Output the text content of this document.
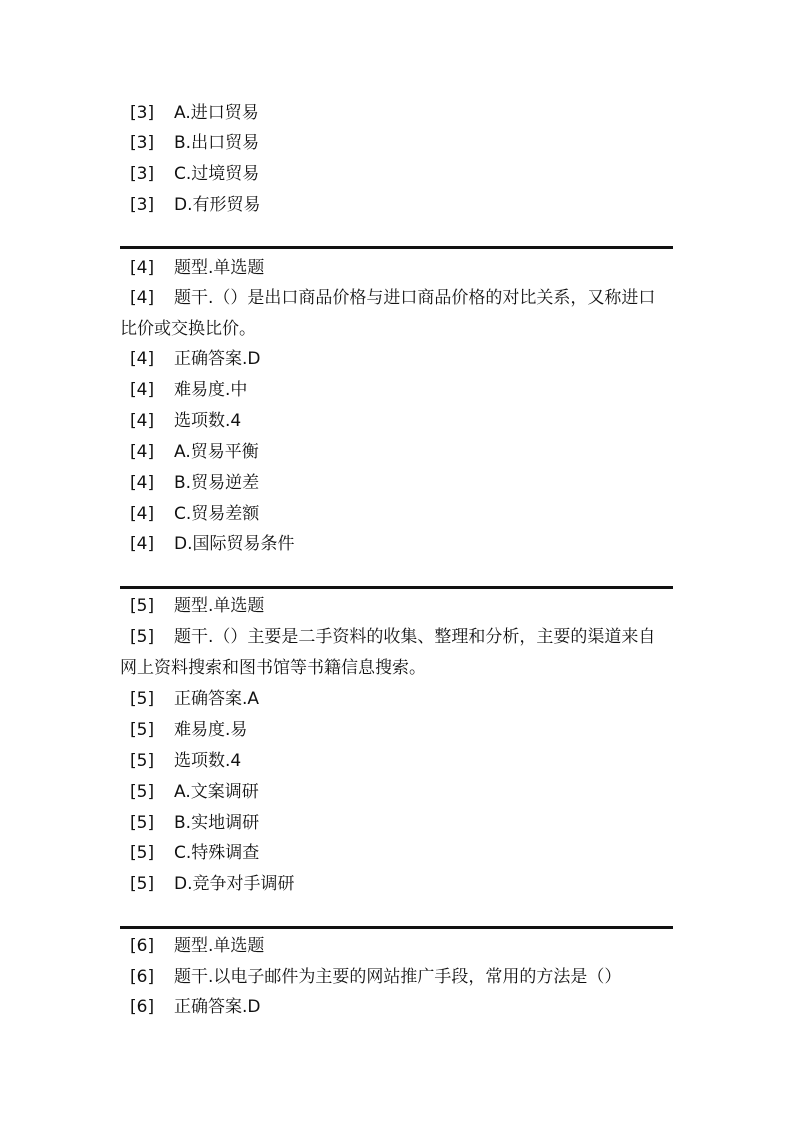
[3] A.进口贸易
[3] B.出口贸易
[3] C.过境贸易
[3] D.有形贸易
[4] 题型.单选题
[4] 题干.（）是出口商品价格与进口商品价格的对比关系，又称进口比价或交换比价。
[4] 正确答案.D
[4] 难易度.中
[4] 选项数.4
[4] A.贸易平衡
[4] B.贸易逆差
[4] C.贸易差额
[4] D.国际贸易条件
[5] 题型.单选题
[5] 题干.（）主要是二手资料的收集、整理和分析，主要的渠道来自网上资料搜索和图书馆等书籍信息搜索。
[5] 正确答案.A
[5] 难易度.易
[5] 选项数.4
[5] A.文案调研
[5] B.实地调研
[5] C.特殊调查
[5] D.竞争对手调研
[6] 题型.单选题
[6] 题干.以电子邮件为主要的网站推广手段，常用的方法是（）
[6] 正确答案.D
